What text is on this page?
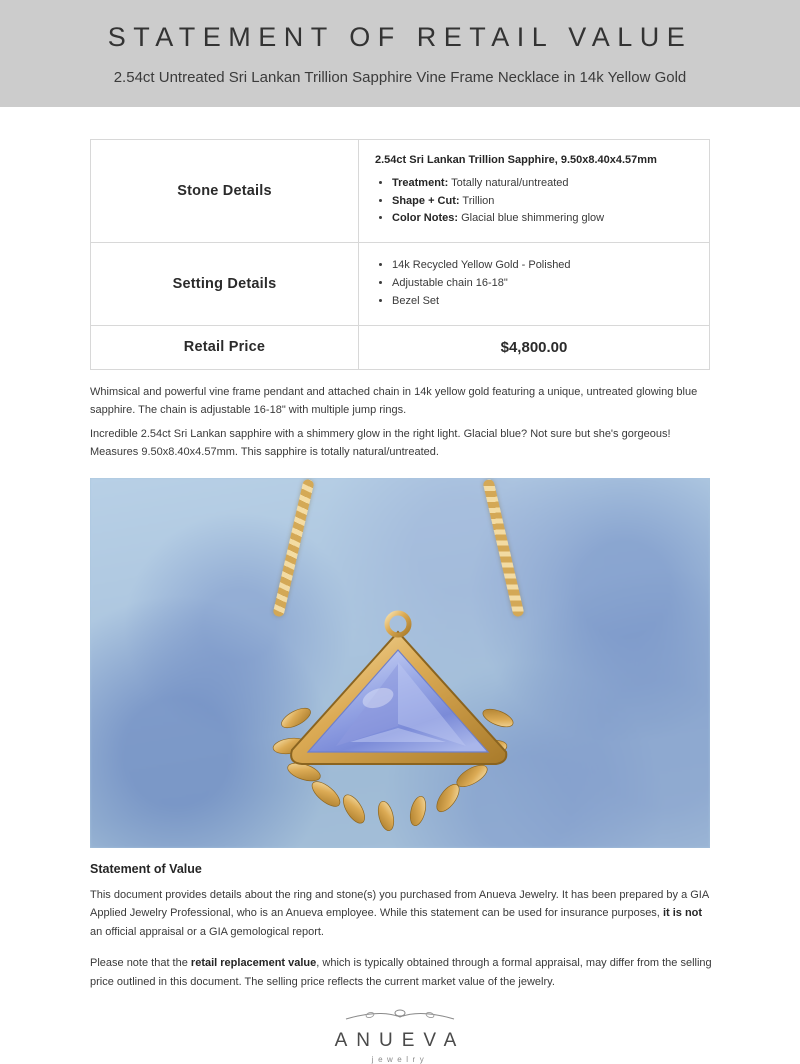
STATEMENT OF RETAIL VALUE
2.54ct Untreated Sri Lankan Trillion Sapphire Vine Frame Necklace in 14k Yellow Gold
Stone Details	
2.54ct Sri Lankan Trillion Sapphire, 9.50x8.40x4.57mm
• Treatment: Totally natural/untreated
• Shape + Cut: Trillion
• Color Notes: Glacial blue shimmering glow

Setting Details	
• 14k Recycled Yellow Gold - Polished
• Adjustable chain 16-18"
• Bezel Set

Retail Price	$4,800.00

Whimsical and powerful vine frame pendant and attached chain in 14k yellow gold featuring a unique, untreated glowing blue sapphire. The chain is adjustable 16-18" with multiple jump rings.

Incredible 2.54ct Sri Lankan sapphire with a shimmery glow in the right light. Glacial blue? Not sure but she's gorgeous! Measures 9.50x8.40x4.57mm. This sapphire is totally natural/untreated.

Statement of Value

This document provides details about the ring and stone(s) you purchased from Anueva Jewelry. It has been prepared by a GIA Applied Jewelry Professional, who is an Anueva employee. While this statement can be used for insurance purposes, it is not an official appraisal or a GIA gemological report.

Please note that the retail replacement value, which is typically obtained through a formal appraisal, may differ from the selling price outlined in this document. The selling price reflects the current market value of the jewelry.

ANUEVA
jewelry
